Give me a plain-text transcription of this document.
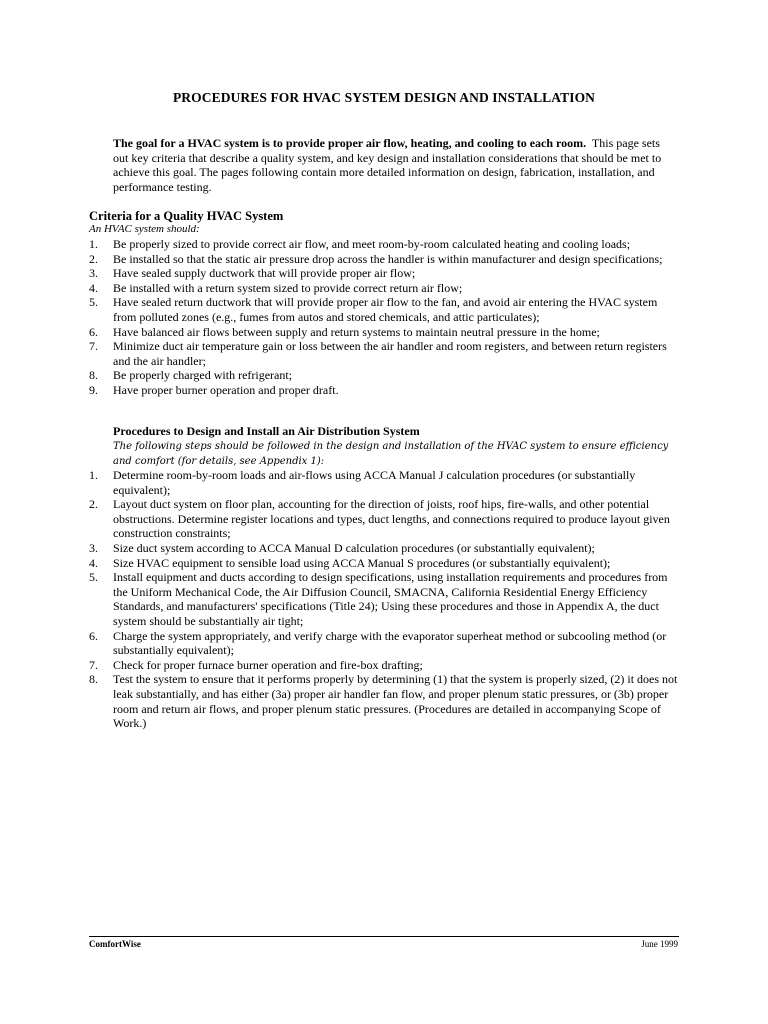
PROCEDURES FOR HVAC SYSTEM DESIGN AND INSTALLATION
The goal for a HVAC system is to provide proper air flow, heating, and cooling to each room. This page sets out key criteria that describe a quality system, and key design and installation considerations that should be met to achieve this goal. The pages following contain more detailed information on design, fabrication, installation, and performance testing.
Criteria for a Quality HVAC System
An HVAC system should:
1.	Be properly sized to provide correct air flow, and meet room-by-room calculated heating and cooling loads;
2.	Be installed so that the static air pressure drop across the handler is within manufacturer and design specifications;
3.	Have sealed supply ductwork that will provide proper air flow;
4.	Be installed with a return system sized to provide correct return air flow;
5.	Have sealed return ductwork that will provide proper air flow to the fan, and avoid air entering the HVAC system from polluted zones (e.g., fumes from autos and stored chemicals, and attic particulates);
6.	Have balanced air flows between supply and return systems to maintain neutral pressure in the home;
7.	Minimize duct air temperature gain or loss between the air handler and room registers, and between return registers and the air handler;
8.	Be properly charged with refrigerant;
9.	Have proper burner operation and proper draft.
Procedures to Design and Install an Air Distribution System
The following steps should be followed in the design and installation of the HVAC system to ensure efficiency and comfort (for details, see Appendix 1):
1.	Determine room-by-room loads and air-flows using ACCA Manual J calculation procedures (or substantially equivalent);
2.	Layout duct system on floor plan, accounting for the direction of joists, roof hips, fire-walls, and other potential obstructions. Determine register locations and types, duct lengths, and connections required to produce layout given construction constraints;
3.	Size duct system according to ACCA Manual D calculation procedures (or substantially equivalent);
4.	Size HVAC equipment to sensible load using ACCA Manual S procedures (or substantially equivalent);
5.	Install equipment and ducts according to design specifications, using installation requirements and procedures from the Uniform Mechanical Code, the Air Diffusion Council, SMACNA, California Residential Energy Efficiency Standards, and manufacturers' specifications (Title 24); Using these procedures and those in Appendix A, the duct system should be substantially air tight;
6.	Charge the system appropriately, and verify charge with the evaporator superheat method or subcooling method (or substantially equivalent);
7.	Check for proper furnace burner operation and fire-box drafting;
8.	Test the system to ensure that it performs properly by determining (1) that the system is properly sized, (2) it does not leak substantially, and has either (3a) proper air handler fan flow, and proper plenum static pressures, or (3b) proper room and return air flows, and proper plenum static pressures. (Procedures are detailed in accompanying Scope of Work.)
ComfortWise	June 1999
